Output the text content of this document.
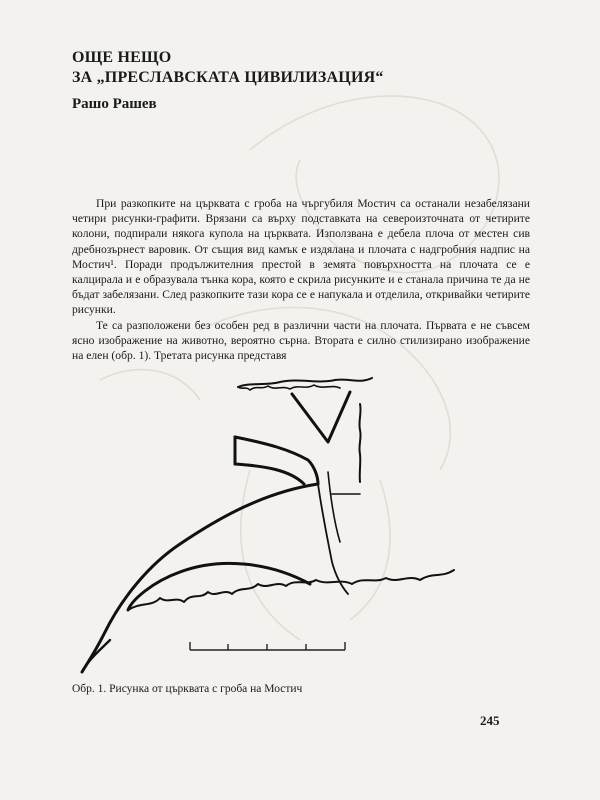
ОЩЕ НЕЩО
ЗА „ПРЕСЛАВСКАТА ЦИВИЛИЗАЦИЯ“
Рашо Рашев

При разкопките на църквата с гроба на чъргубиля Мостич са останали незабелязани четири рисунки-графити. Врязани са върху подставката на североизточната от четирите колони, подпирали някога купола на църквата. Използвана е дебела плоча от местен сив дребнозърнест варовик. От същия вид камък е издялана и плочата с надгробния надпис на Мостич¹. Поради продължителния престой в земята повърхността на плочата се е калцирала и е образувала тънка кора, която е скрила рисунките и е станала причина те да не бъдат забелязани. След разкопките тази кора се е напукала и отделила, откривайки четирите рисунки.

Те са разположени без особен ред в различни части на плочата. Първата е не съвсем ясно изображение на животно, вероятно сърна. Втората е силно стилизирано изображение на елен (обр. 1). Третата рисунка представя

Обр. 1. Рисунка от църквата с гроба на Мостич
245
